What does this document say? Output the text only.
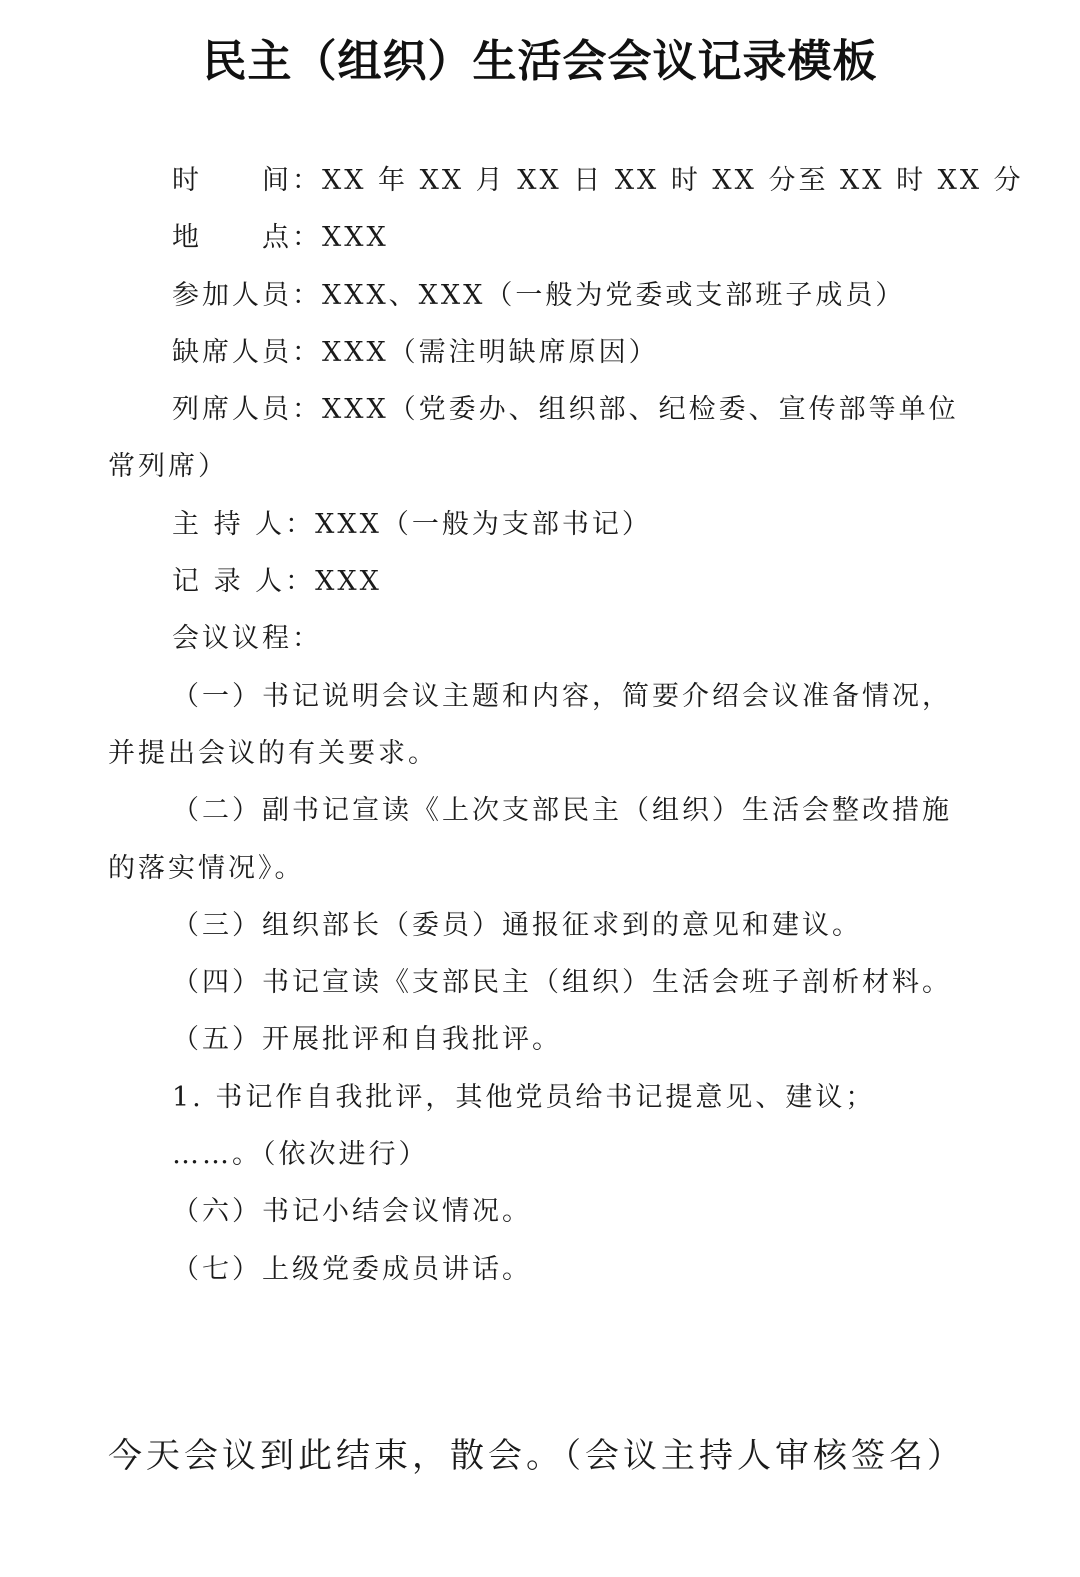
民主（组织）生活会会议记录模板
时　　间：XX 年 XX 月 XX 日 XX 时 XX 分至 XX 时 XX 分
地　　点：XXX
参加人员：XXX、XXX（一般为党委或支部班子成员）
缺席人员：XXX（需注明缺席原因）
列席人员：XXX（党委办、组织部、纪检委、宣传部等单位
常列席）
主 持 人：XXX（一般为支部书记）
记 录 人：XXX
会议议程：
（一）书记说明会议主题和内容，简要介绍会议准备情况，
并提出会议的有关要求。
（二）副书记宣读《上次支部民主（组织）生活会整改措施
的落实情况》。
（三）组织部长（委员）通报征求到的意见和建议。
（四）书记宣读《支部民主（组织）生活会班子剖析材料。
（五）开展批评和自我批评。
1. 书记作自我批评，其他党员给书记提意见、建议；
……。（依次进行）
（六）书记小结会议情况。
（七）上级党委成员讲话。
今天会议到此结束，散会。（会议主持人审核签名）
